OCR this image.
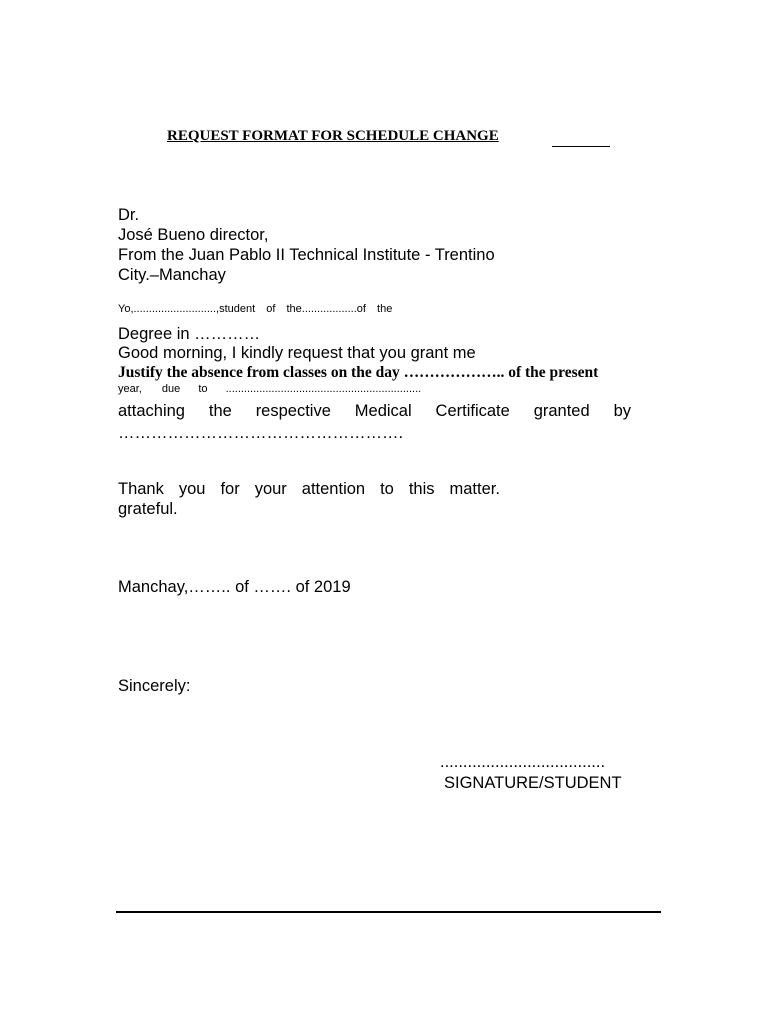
REQUEST FORMAT FOR SCHEDULE CHANGE
Dr.
José Bueno director,
From the Juan Pablo II Technical Institute - Trentino
City.–Manchay
Yo,...........................,student of the..................of the
Degree in …………
Good morning, I kindly request that you grant me
Justify the absence from classes on the day ……………….. of the present
year, due to ................................................................
attaching the respective Medical Certificate granted by
…………………………………………….
Thank you for your attention to this matter.
grateful.
Manchay,…….. of ……. of 2019
Sincerely:
....................................
SIGNATURE/STUDENT
